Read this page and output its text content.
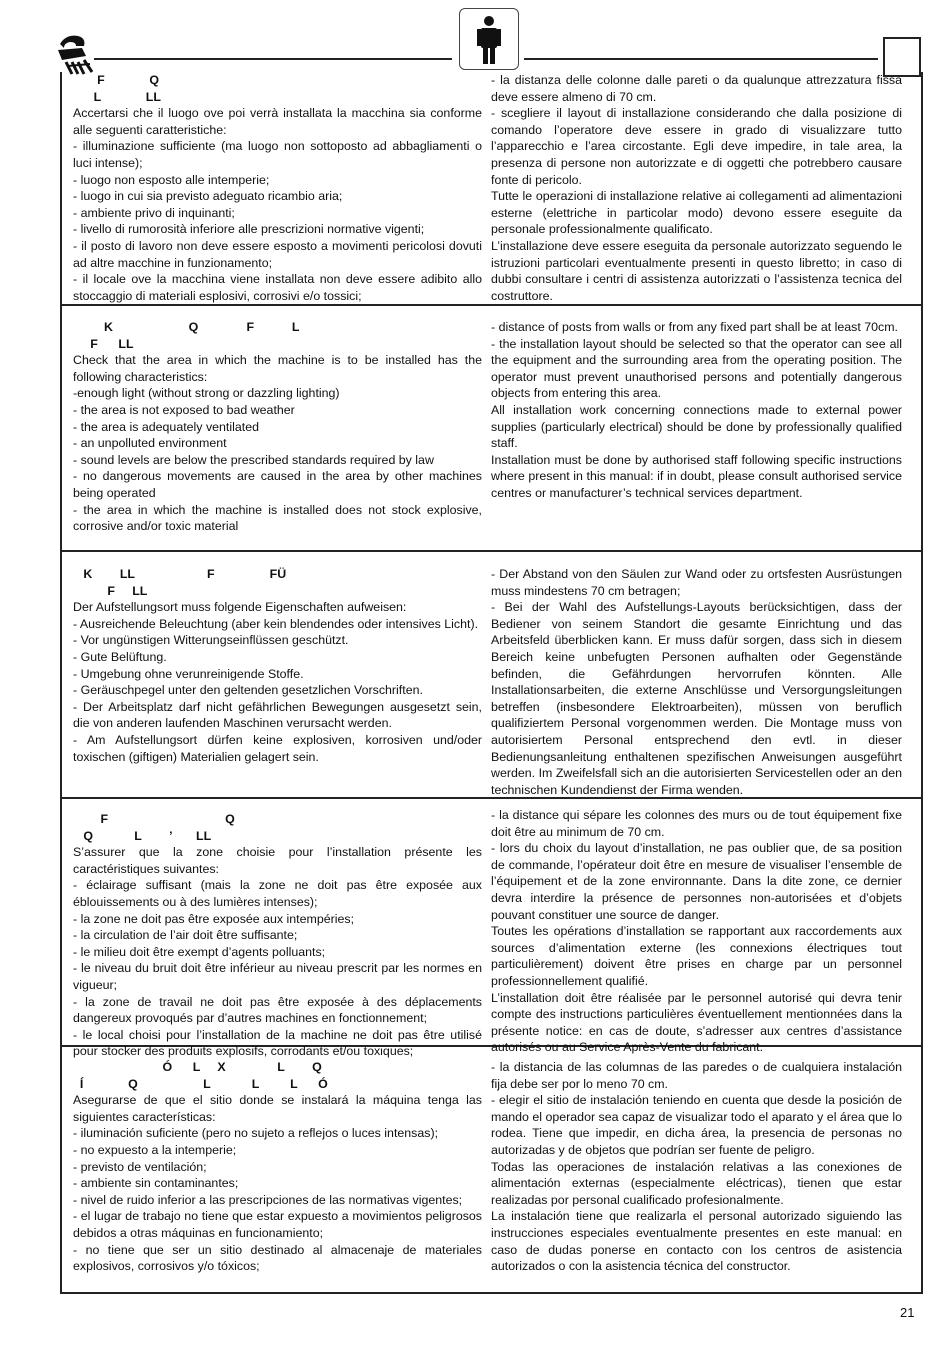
F             Q
L             LL

Accertarsi che il luogo ove poi verrà installata la macchina sia conforme alle seguenti caratteristiche:

- illuminazione sufficiente (ma luogo non sottoposto ad abbagliamenti o luci intense);

- luogo non esposto alle intemperie;

- luogo in cui sia previsto adeguato ricambio aria;

- ambiente privo di inquinanti;

- livello di rumorosità inferiore alle prescrizioni normative vigenti;

- il posto di lavoro non deve essere esposto a movimenti pericolosi dovuti ad altre macchine in funzionamento;

- il locale ove la macchina viene installata non deve essere adibito allo stoccaggio di materiali esplosivi, corrosivi e/o tossici;

- la distanza delle colonne dalle pareti o da qualunque attrezzatura fissa deve essere almeno di 70 cm.

- scegliere il layout di installazione considerando che dalla posizione di comando l’operatore deve essere in grado di visualizzare tutto l’apparecchio e l’area circostante. Egli deve impedire, in tale area, la presenza di persone non autorizzate e di oggetti che potrebbero causare fonte di pericolo.

Tutte le operazioni di installazione relative ai collegamenti ad alimentazioni esterne (elettriche in particolar modo) devono essere eseguite da personale professionalmente qualificato.

L’installazione deve essere eseguita da personale autorizzato seguendo le istruzioni particolari eventualmente presenti in questo libretto; in caso di dubbi consultare i centri di assistenza autorizzati o l’assistenza tecnica del costruttore.

K                      Q              F           L
F      LL

Check that the area in which the machine is to be installed has the following characteristics:

-enough light (without strong or dazzling lighting)

- the area is not exposed to bad weather

- the area is adequately ventilated

- an unpolluted environment

- sound levels are below the prescribed standards required by law

- no dangerous movements are caused in the area by other machines being operated

- the area in which the machine is installed does not stock explosive, corrosive and/or toxic material

- distance of posts from walls or from any fixed part shall be at least 70cm.

- the installation layout should be selected so that the operator can see all the equipment and the surrounding area from the operating position. The operator must prevent unauthorised persons and potentially dangerous objects from entering this area.

All installation work concerning connections made to external power supplies (particularly electrical) should be done by professionally qualified staff.

Installation must be done by authorised staff following specific instructions where present in this manual: if in doubt, please consult authorised service centres or manufacturer’s technical services department.

K        LL                     F                FÜ
F     LL

Der Aufstellungsort muss folgende Eigenschaften aufweisen:

- Ausreichende Beleuchtung (aber kein blendendes oder intensives Licht).

- Vor ungünstigen Witterungseinflüssen geschützt.

- Gute Belüftung.

- Umgebung ohne verunreinigende Stoffe.

- Geräuschpegel unter den geltenden gesetzlichen Vorschriften.

- Der Arbeitsplatz darf nicht gefährlichen Bewegungen ausgesetzt sein, die von anderen laufenden Maschinen verursacht werden.

- Am Aufstellungsort dürfen keine explosiven, korrosiven und/oder toxischen (giftigen) Materialien gelagert sein.

- Der Abstand von den Säulen zur Wand oder zu ortsfesten Ausrüstungen muss mindestens 70 cm betragen;

- Bei der Wahl des Aufstellungs-Layouts berücksichtigen, dass der Bediener von seinem Standort die gesamte Einrichtung und das Arbeitsfeld überblicken kann. Er muss dafür sorgen, dass sich in diesem Bereich keine unbefugten Personen aufhalten oder Gegenstände befinden, die Gefährdungen hervorrufen könnten. Alle Installationsarbeiten, die externe Anschlüsse und Versorgungsleitungen betreffen (insbesondere Elektroarbeiten), müssen von beruflich qualifiziertem Personal vorgenommen werden. Die Montage muss von autorisiertem Personal entsprechend den evtl. in dieser Bedienungsanleitung enthaltenen spezifischen Anweisungen ausgeführt werden. Im Zweifelsfall sich an die autorisierten Servicestellen oder an den technischen Kundendienst der Firma wenden.

F                                  Q
Q            L        ’       LL

S’assurer que la zone choisie pour l’installation présente les caractéristiques suivantes:

- éclairage suffisant (mais la zone ne doit pas être exposée aux éblouissements ou à des lumières intenses);

- la zone ne doit pas être exposée aux intempéries;

- la circulation de l’air doit être suffisante;

- le milieu doit être exempt d’agents polluants;

- le niveau du bruit doit être inférieur au niveau prescrit par les normes en vigueur;

- la zone de travail ne doit pas être exposée à des déplacements dangereux provoqués par d’autres machines en fonctionnement;

- le local choisi pour l’installation de la machine ne doit pas être utilisé pour stocker des produits explosifs, corrodants et/ou toxiques;

- la distance qui sépare les colonnes des murs ou de tout équipement fixe doit être au minimum de 70 cm.

- lors du choix du layout d’installation, ne pas oublier que, de sa position de commande, l’opérateur doit être en mesure de visualiser l’ensemble de l’équipement et de la zone environnante. Dans la dite zone, ce dernier devra interdire la présence de personnes non-autorisées et d’objets pouvant constituer une source de danger.

Toutes les opérations d’installation se rapportant aux raccordements aux sources d’alimentation externe (les connexions électriques tout particulièrement) doivent être prises en charge par un personnel professionnellement qualifié.

L’installation doit être réalisée par le personnel autorisé qui devra tenir compte des instructions particulières éventuellement mentionnées dans la présente notice: en cas de doute, s’adresser aux centres d’assistance autorisés ou au Service Après-Vente du fabricant.

Ó      L     X               L        Q
Í             Q                   L            L         L      Ó

Asegurarse de que el sitio donde se instalará la máquina tenga las siguientes características:

- iluminación suficiente (pero no sujeto a reflejos o luces intensas);

- no expuesto a la intemperie;

- previsto de ventilación;

- ambiente sin contaminantes;

- nivel de ruido inferior a las prescripciones de las normativas vigentes;

- el lugar de trabajo no tiene que estar expuesto a movimientos peligrosos debidos a otras máquinas en funcionamiento;

- no tiene que ser un sitio destinado al almacenaje de materiales explosivos, corrosivos y/o tóxicos;

- la distancia de las columnas de las paredes o de cualquiera instalación fija debe ser por lo meno 70 cm.

- elegir el sitio de instalación teniendo en cuenta que desde la posición de mando el operador sea capaz de visualizar todo el aparato y el área que lo rodea. Tiene que impedir, en dicha área, la presencia de personas no autorizadas y de objetos que podrían ser fuente de peligro.

Todas las operaciones de instalación relativas a las conexiones de alimentación externas (especialmente eléctricas), tienen que estar realizadas por personal cualificado profesionalmente.

La instalación tiene que realizarla el personal autorizado siguiendo las instrucciones especiales eventualmente presentes en este manual: en caso de dudas ponerse en contacto con los centros de asistencia autorizados o con la asistencia técnica del constructor.

21
